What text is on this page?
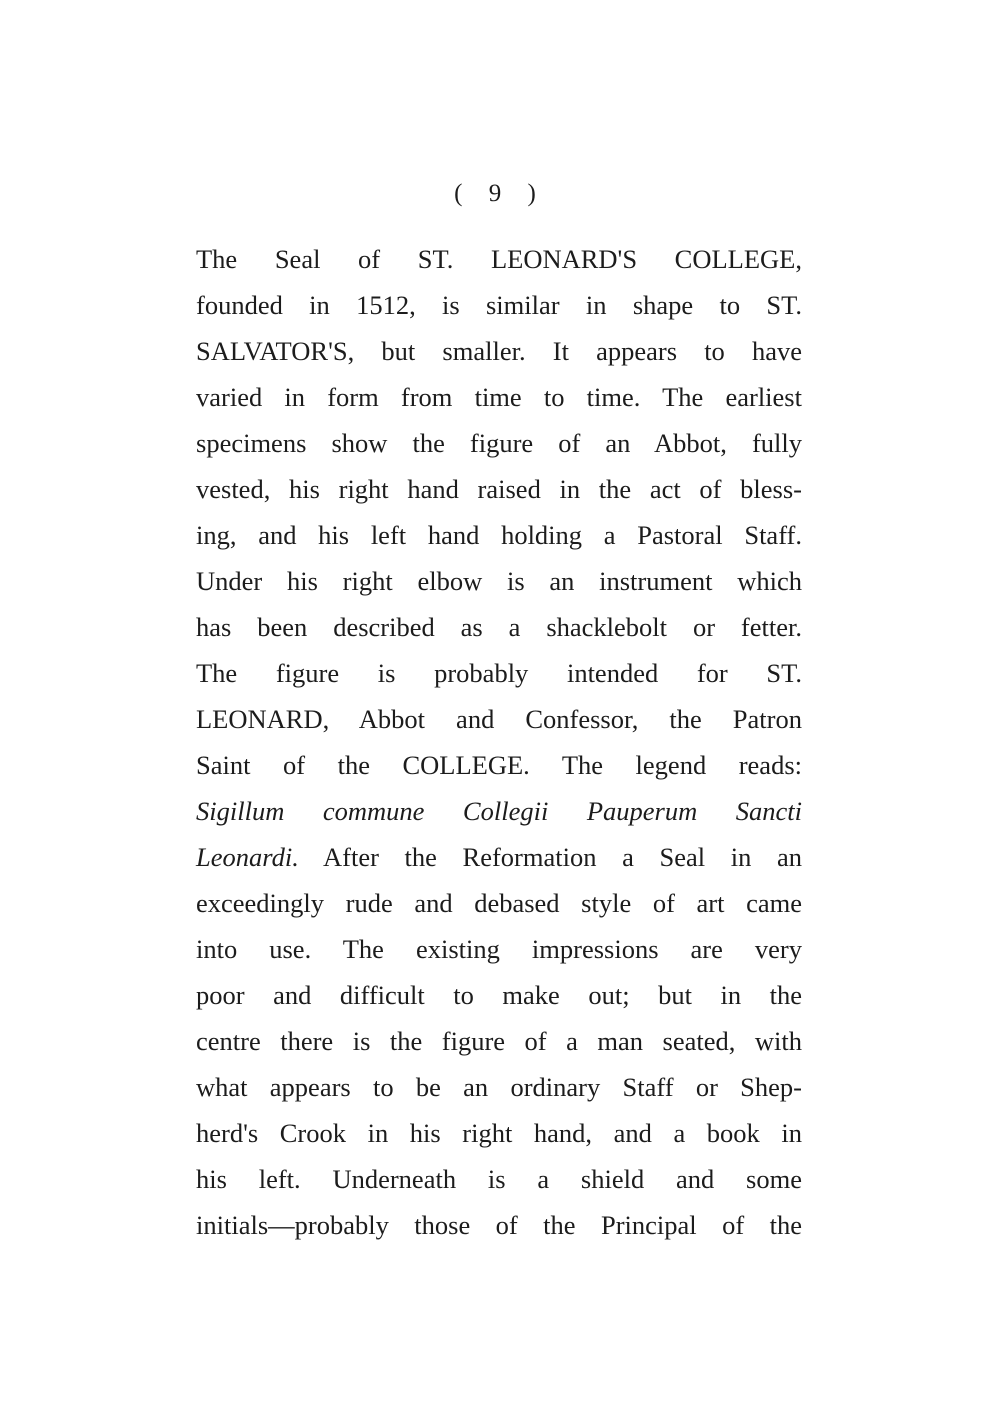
( 9 )
The Seal of ST. LEONARD'S COLLEGE,
founded in 1512, is similar in shape to ST.
SALVATOR'S, but smaller. It appears to have
varied in form from time to time. The earliest
specimens show the figure of an Abbot, fully
vested, his right hand raised in the act of bless-
ing, and his left hand holding a Pastoral Staff.
Under his right elbow is an instrument which
has been described as a shacklebolt or fetter.
The figure is probably intended for ST.
LEONARD, Abbot and Confessor, the Patron
Saint of the COLLEGE. The legend reads:
Sigillum commune Collegii Pauperum Sancti
Leonardi. After the Reformation a Seal in an
exceedingly rude and debased style of art came
into use. The existing impressions are very
poor and difficult to make out; but in the
centre there is the figure of a man seated, with
what appears to be an ordinary Staff or Shep-
herd's Crook in his right hand, and a book in
his left. Underneath is a shield and some
initials—probably those of the Principal of the
